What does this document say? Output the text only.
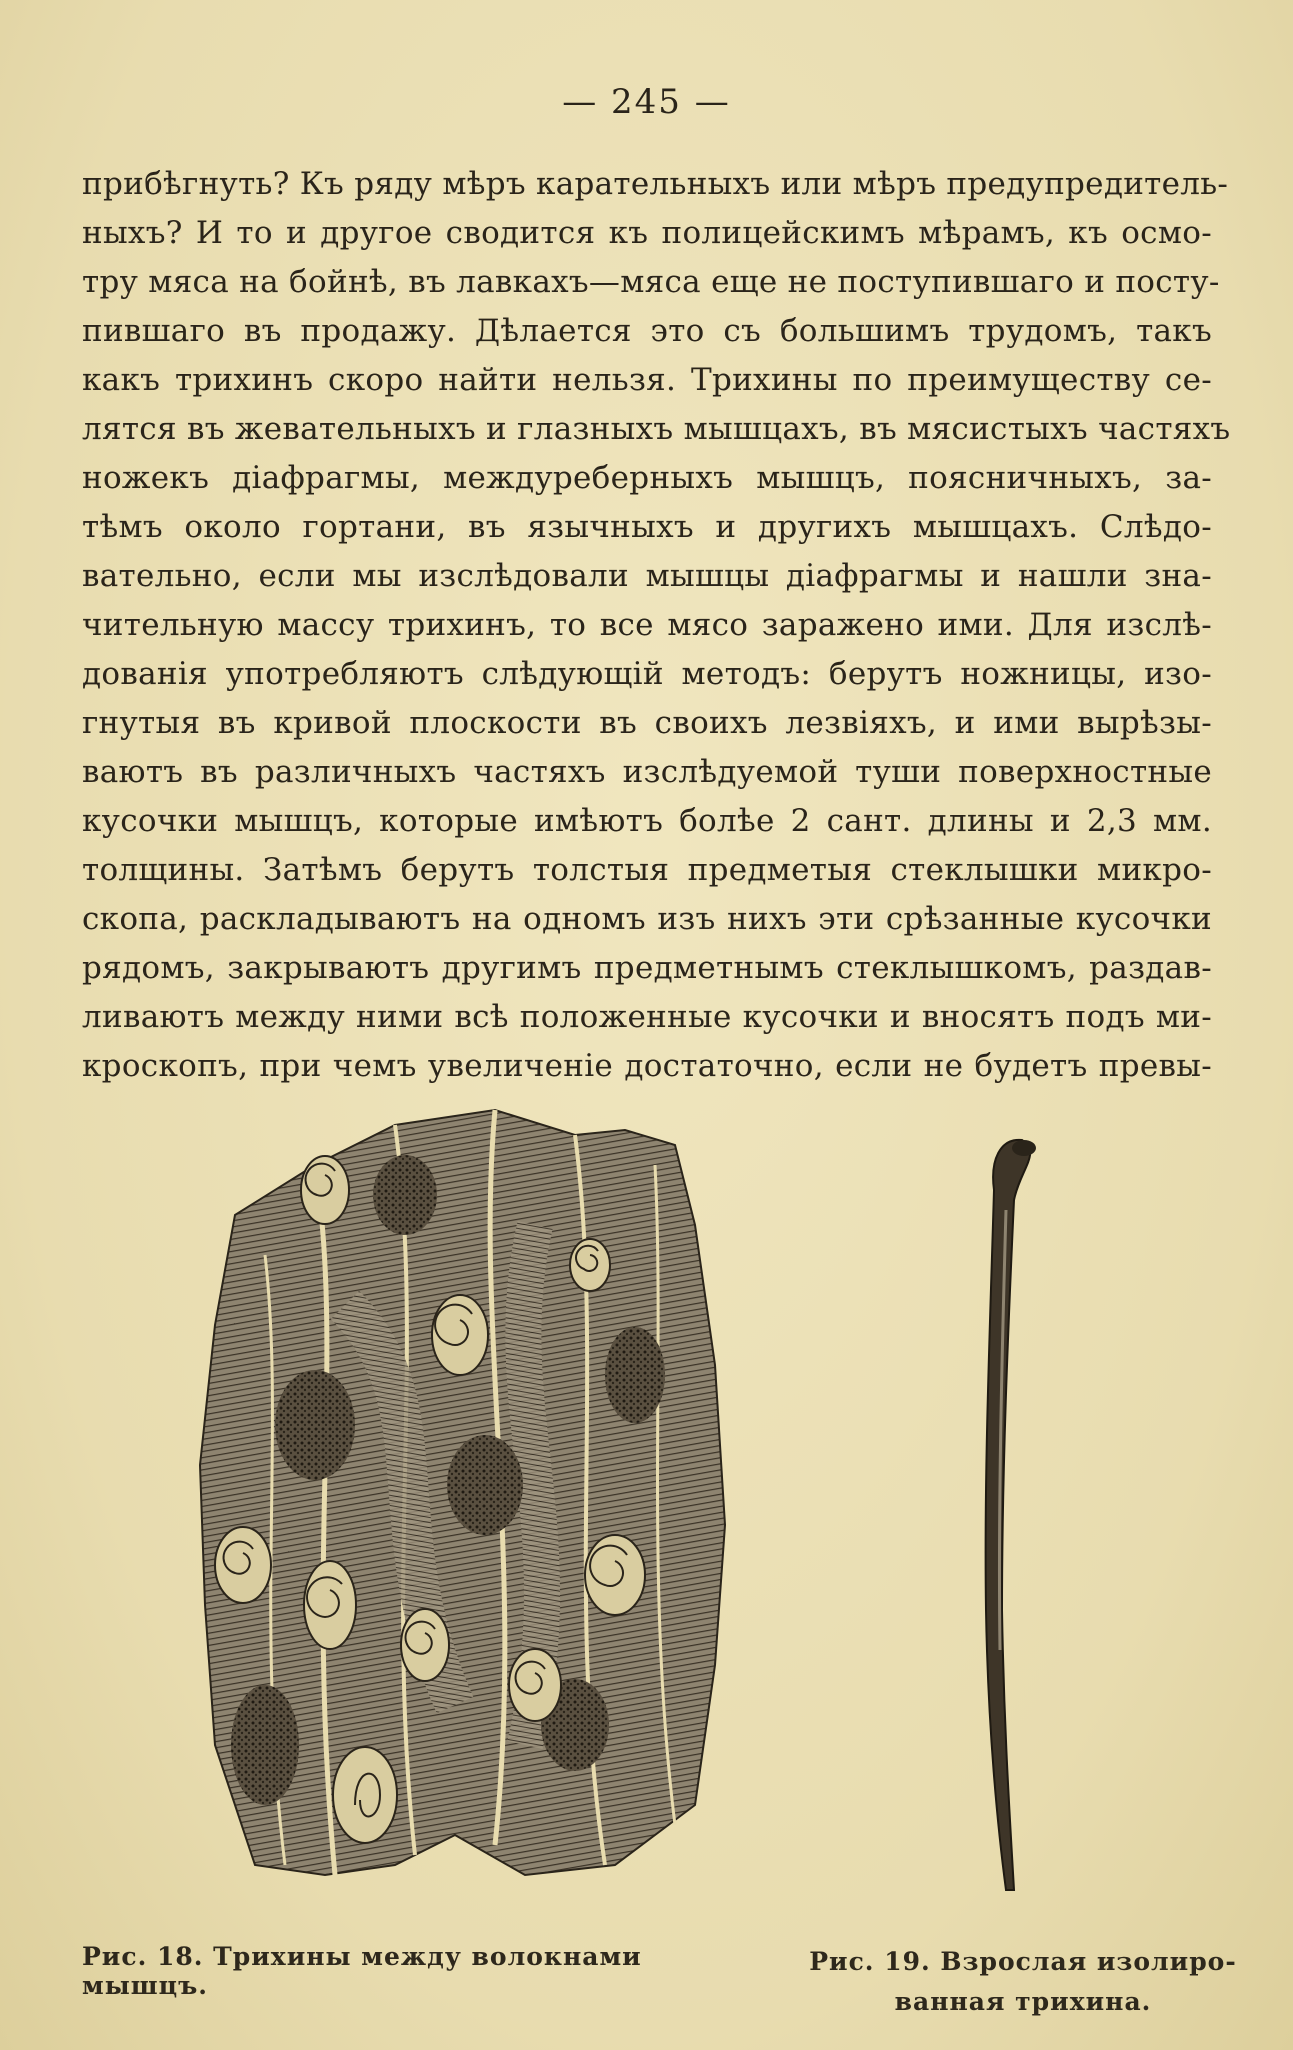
— 245 —
прибѣгнуть? Къ ряду мѣръ карательныхъ или мѣръ предупредитель-
ныхъ? И то и другое сводится къ полицейскимъ мѣрамъ, къ осмо-
тру мяса на бойнѣ, въ лавкахъ—мяса еще не поступившаго и посту-
пившаго въ продажу. Дѣлается это съ большимъ трудомъ, такъ
какъ трихинъ скоро найти нельзя. Трихины по преимуществу се-
лятся въ жевательныхъ и глазныхъ мышцахъ, въ мясистыхъ частяхъ
ножекъ діафрагмы, междуреберныхъ мышцъ, поясничныхъ, за-
тѣмъ около гортани, въ язычныхъ и другихъ мышцахъ. Слѣдо-
вательно, если мы изслѣдовали мышцы діафрагмы и нашли зна-
чительную массу трихинъ, то все мясо заражено ими. Для изслѣ-
дованія употребляютъ слѣдующій методъ: берутъ ножницы, изо-
гнутыя въ кривой плоскости въ своихъ лезвіяхъ, и ими вырѣзы-
ваютъ въ различныхъ частяхъ изслѣдуемой туши поверхностные
кусочки мышцъ, которые имѣютъ болѣе 2 сант. длины и 2,3 мм.
толщины. Затѣмъ берутъ толстыя предметыя стеклышки микро-
скопа, раскладываютъ на одномъ изъ нихъ эти срѣзанные кусочки
рядомъ, закрываютъ другимъ предметнымъ стеклышкомъ, раздав-
ливаютъ между ними всѣ положенные кусочки и вносятъ подъ ми-
кроскопъ, при чемъ увеличеніе достаточно, если не будетъ превы-
Рис. 18. Трихины между волокнами мышцъ.
Рис. 19. Взрослая изолиро-
ванная трихина.
